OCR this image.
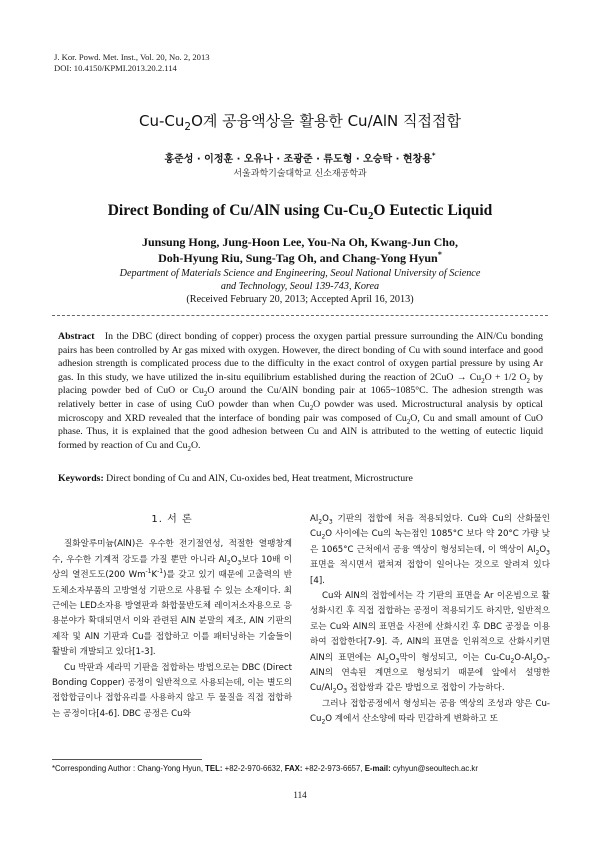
J. Kor. Powd. Met. Inst., Vol. 20, No. 2, 2013
DOI: 10.4150/KPMI.2013.20.2.114
$Cu-Cu_2O$계 공융액상을 활용한 Cu/AlN 직접접합
홍준성 · 이정훈 · 오유나 · 조광준 · 류도형 · 오승탁 · 현창용*
서울과학기술대학교 신소재공학과
Direct Bonding of Cu/AlN using $Cu-Cu_2O$ Eutectic Liquid
Junsung Hong, Jung-Hoon Lee, You-Na Oh, Kwang-Jun Cho,
Doh-Hyung Riu, Sung-Tag Oh, and Chang-Yong Hyun*
Department of Materials Science and Engineering, Seoul National University of Science
and Technology, Seoul 139-743, Korea
(Received February 20, 2013; Accepted April 16, 2013)
Abstract In the DBC (direct bonding of copper) process the oxygen partial pressure surrounding the AlN/Cu bonding pairs has been controlled by Ar gas mixed with oxygen. However, the direct bonding of Cu with sound interface and good adhesion strength is complicated process due to the difficulty in the exact control of oxygen partial pressure by using Ar gas. In this study, we have utilized the in-situ equilibrium established during the reaction of $2CuO \to Cu_2O + 1/2$ $O_2$ by placing powder bed of CuO or $Cu_2O$ around the Cu/AlN bonding pair at 1065~1085°C. The adhesion strength was relatively better in case of using CuO powder than when $Cu_2O$ powder was used. Microstructural analysis by optical microscopy and XRD revealed that the interface of bonding pair was composed of $Cu_2O$, Cu and small amount of CuO phase. Thus, it is explained that the good adhesion between Cu and AlN is attributed to the wetting of eutectic liquid formed by reaction of Cu and $Cu_2O$.
Keywords: Direct bonding of Cu and AlN, Cu-oxides bed, Heat treatment, Microstructure
1. 서 론

질화알루미늄(AlN)은 우수한 전기절연성, 적절한 열팽창계수, 우수한 기계적 강도를 가질 뿐만 아니라 $Al_2O_3$보다 10배 이상의 열전도도(200 $Wm^{-1}K^{-1}$)를 갖고 있기 때문에 고출력의 반도체소자부품의 고방열성 기판으로 사용될 수 있는 소재이다. 최근에는 LED소자용 방열판과 화합물반도체 레이저소자용으로 응용분야가 확대되면서 이와 관련된 AlN 분말의 제조, AlN 기판의 제작 및 AlN 기판과 Cu를 접합하고 이를 패터닝하는 기술들이 활발히 개발되고 있다[1-3].

Cu 박판과 세라믹 기판을 접합하는 방법으로는 DBC (Direct Bonding Copper) 공정이 일반적으로 사용되는데, 이는 별도의 접합합금이나 접합유리를 사용하지 않고 두 물질을 직접 접합하는 공정이다[4-6]. DBC 공정은 Cu와

$Al_2O_3$ 기판의 접합에 처음 적용되었다. Cu와 Cu의 산화물인 $Cu_2O$ 사이에는 Cu의 녹는점인 1085°C 보다 약 20°C 가량 낮은 1065°C 근처에서 공융 액상이 형성되는데, 이 액상이 $Al_2O_3$ 표면을 적시면서 펼쳐져 접합이 일어나는 것으로 알려져 있다[4].

Cu와 AlN의 접합에서는 각 기판의 표면을 Ar 이온빔으로 활성화시킨 후 직접 접합하는 공정이 적용되기도 하지만, 일반적으로는 Cu와 AlN의 표면을 사전에 산화시킨 후 DBC 공정을 이용하여 접합한다[7-9]. 즉, AlN의 표면을 인위적으로 산화시키면 AlN의 표면에는 $Al_2O_3$막이 형성되고, 이는 $Cu-Cu_2O-Al_2O_3$-AlN의 연속된 계면으로 형성되기 때문에 앞에서 설명한 $Cu/Al_2O_3$ 접합쌍과 같은 방법으로 접합이 가능하다.

그러나 접합공정에서 형성되는 공융 액상의 조성과 양은 $Cu-Cu_2O$ 계에서 산소양에 따라 민감하게 변화하고 또

*Corresponding Author : Chang-Yong Hyun, TEL: +82-2-970-6632, FAX: +82-2-973-6657, E-mail: cyhyun@seoultech.ac.kr
114
